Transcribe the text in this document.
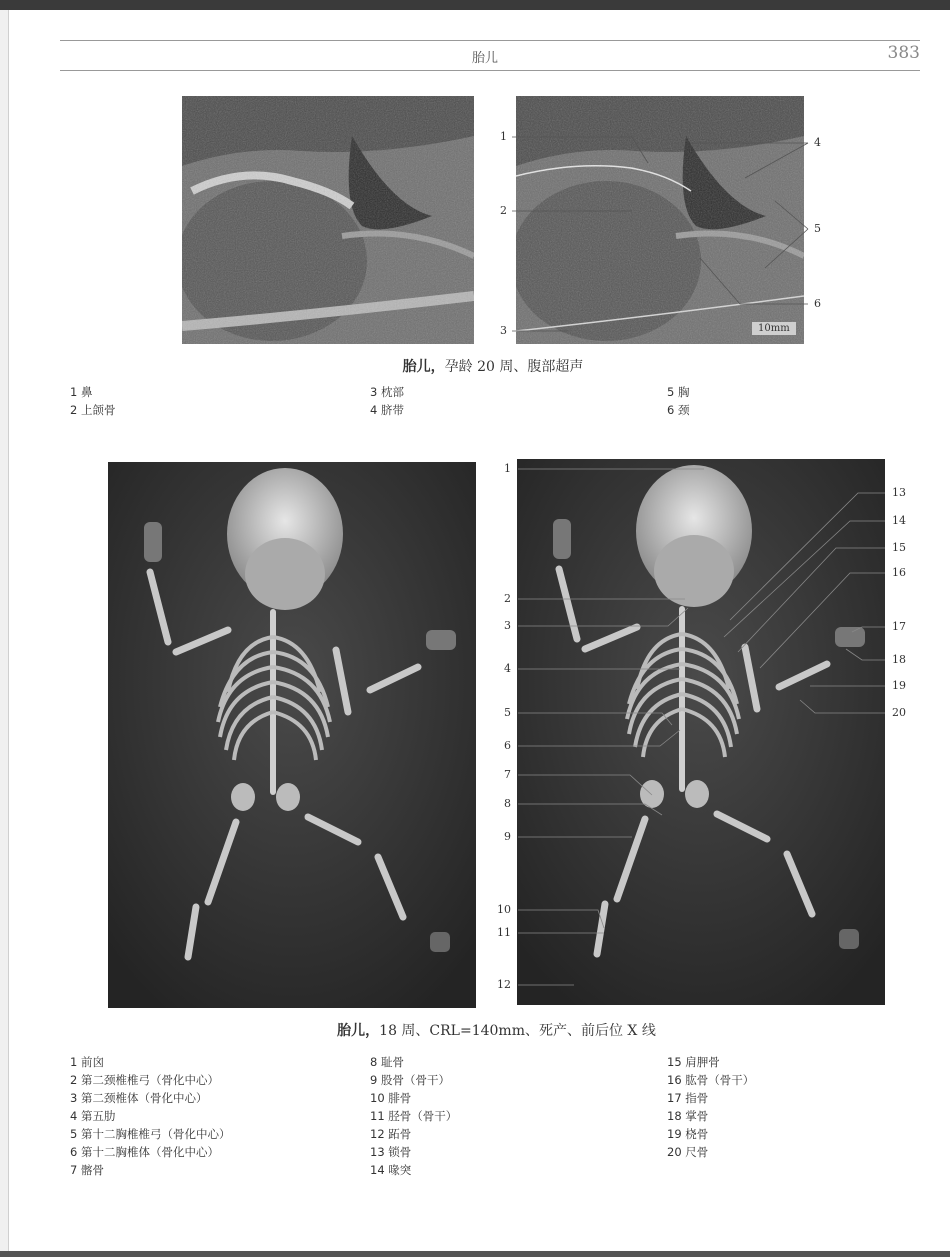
胎儿	383
10mm
1
2
3
4
5
6
胎儿，孕龄 20 周、腹部超声
1 鼻
2 上颌骨
3 枕部
4 脐带
5 胸
6 颈
1
2
3
4
5
6
7
8
9
10
11
12
13
14
15
16
17
18
19
20
胎儿，18 周、CRL=140mm、死产、前后位 X 线
1 前囟
2 第二颈椎椎弓（骨化中心）
3 第二颈椎体（骨化中心）
4 第五肋
5 第十二胸椎椎弓（骨化中心）
6 第十二胸椎体（骨化中心）
7 髂骨
8 耻骨
9 股骨（骨干）
10 腓骨
11 胫骨（骨干）
12 跖骨
13 锁骨
14 喙突
15 肩胛骨
16 肱骨（骨干）
17 指骨
18 掌骨
19 桡骨
20 尺骨
